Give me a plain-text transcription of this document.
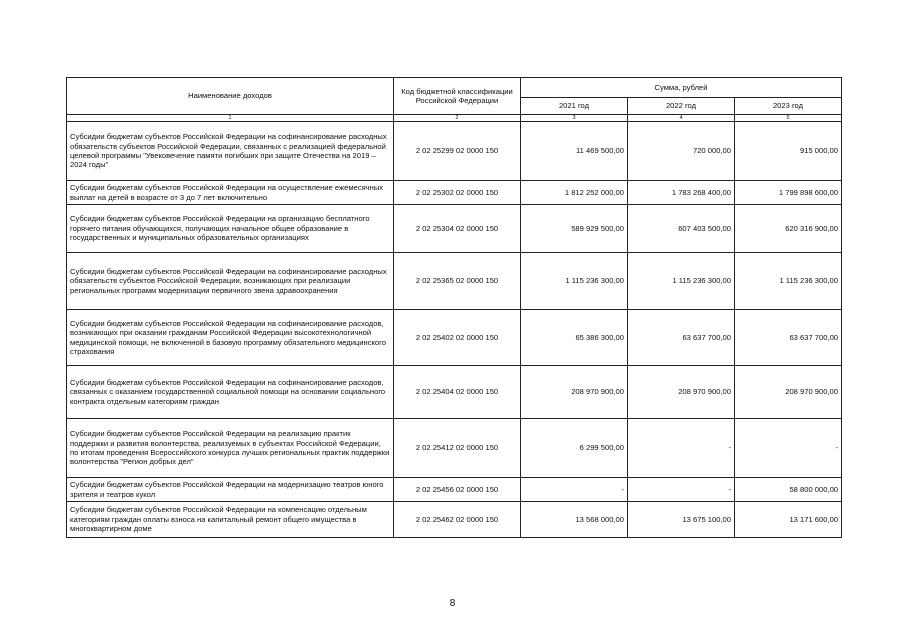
Наименование доходов	Код бюджетной классификации Российской Федерации	Сумма, рублей		
		2021 год	2022 год	2023 год
1	2	3	4	5
Субсидии бюджетам субъектов Российской Федерации на софинансирование расходных обязательств субъектов Российской Федерации, связанных с реализацией федеральной целевой программы "Увековечение памяти погибших при защите Отечества на 2019 – 2024 годы"	2 02 25299 02 0000 150	11 469 500,00	720 000,00	915 000,00
Субсидии бюджетам субъектов Российской Федерации на осуществление ежемесячных выплат на детей в возрасте от 3 до 7 лет включительно	2 02 25302 02 0000 150	1 812 252 000,00	1 783 268 400,00	1 799 898 600,00
Субсидии бюджетам субъектов Российской Федерации на организацию бесплатного горячего питания обучающихся, получающих начальное общее образование в государственных и муниципальных образовательных организациях	2 02 25304 02 0000 150	589 929 500,00	607 403 500,00	620 316 900,00
Субсидии бюджетам субъектов Российской Федерации на софинансирование расходных обязательств субъектов Российской Федерации, возникающих при реализации региональных программ модернизации первичного звена здравоохранения	2 02 25365 02 0000 150	1 115 236 300,00	1 115 236 300,00	1 115 236 300,00
Субсидии бюджетам субъектов Российской Федерации на софинансирование расходов, возникающих при оказании гражданам Российской Федерации высокотехнологичной медицинской помощи, не включенной в базовую программу обязательного медицинского страхования	2 02 25402 02 0000 150	65 386 300,00	63 637 700,00	63 637 700,00
Субсидии бюджетам субъектов Российской Федерации на софинансирование расходов, связанных с оказанием государственной социальной помощи на основании социального контракта отдельным категориям граждан	2 02 25404 02 0000 150	208 970 900,00	208 970 900,00	208 970 900,00
Субсидии бюджетам субъектов Российской Федерации на реализацию практик поддержки и развития волонтерства, реализуемых в субъектах Российской Федерации, по итогам проведения Всероссийского конкурса лучших региональных практик поддержки волонтерства "Регион добрых дел"	2 02 25412 02 0000 150	6 299 500,00	-	-
Субсидии бюджетам субъектов Российской Федерации на модернизацию театров юного зрителя и театров кукол	2 02 25456 02 0000 150	-	-	58 800 000,00
Субсидии бюджетам субъектов Российской Федерации на компенсацию отдельным категориям граждан оплаты взноса на капитальный ремонт общего имущества в многоквартирном доме	2 02 25462 02 0000 150	13 568 000,00	13 675 100,00	13 171 600,00
8
